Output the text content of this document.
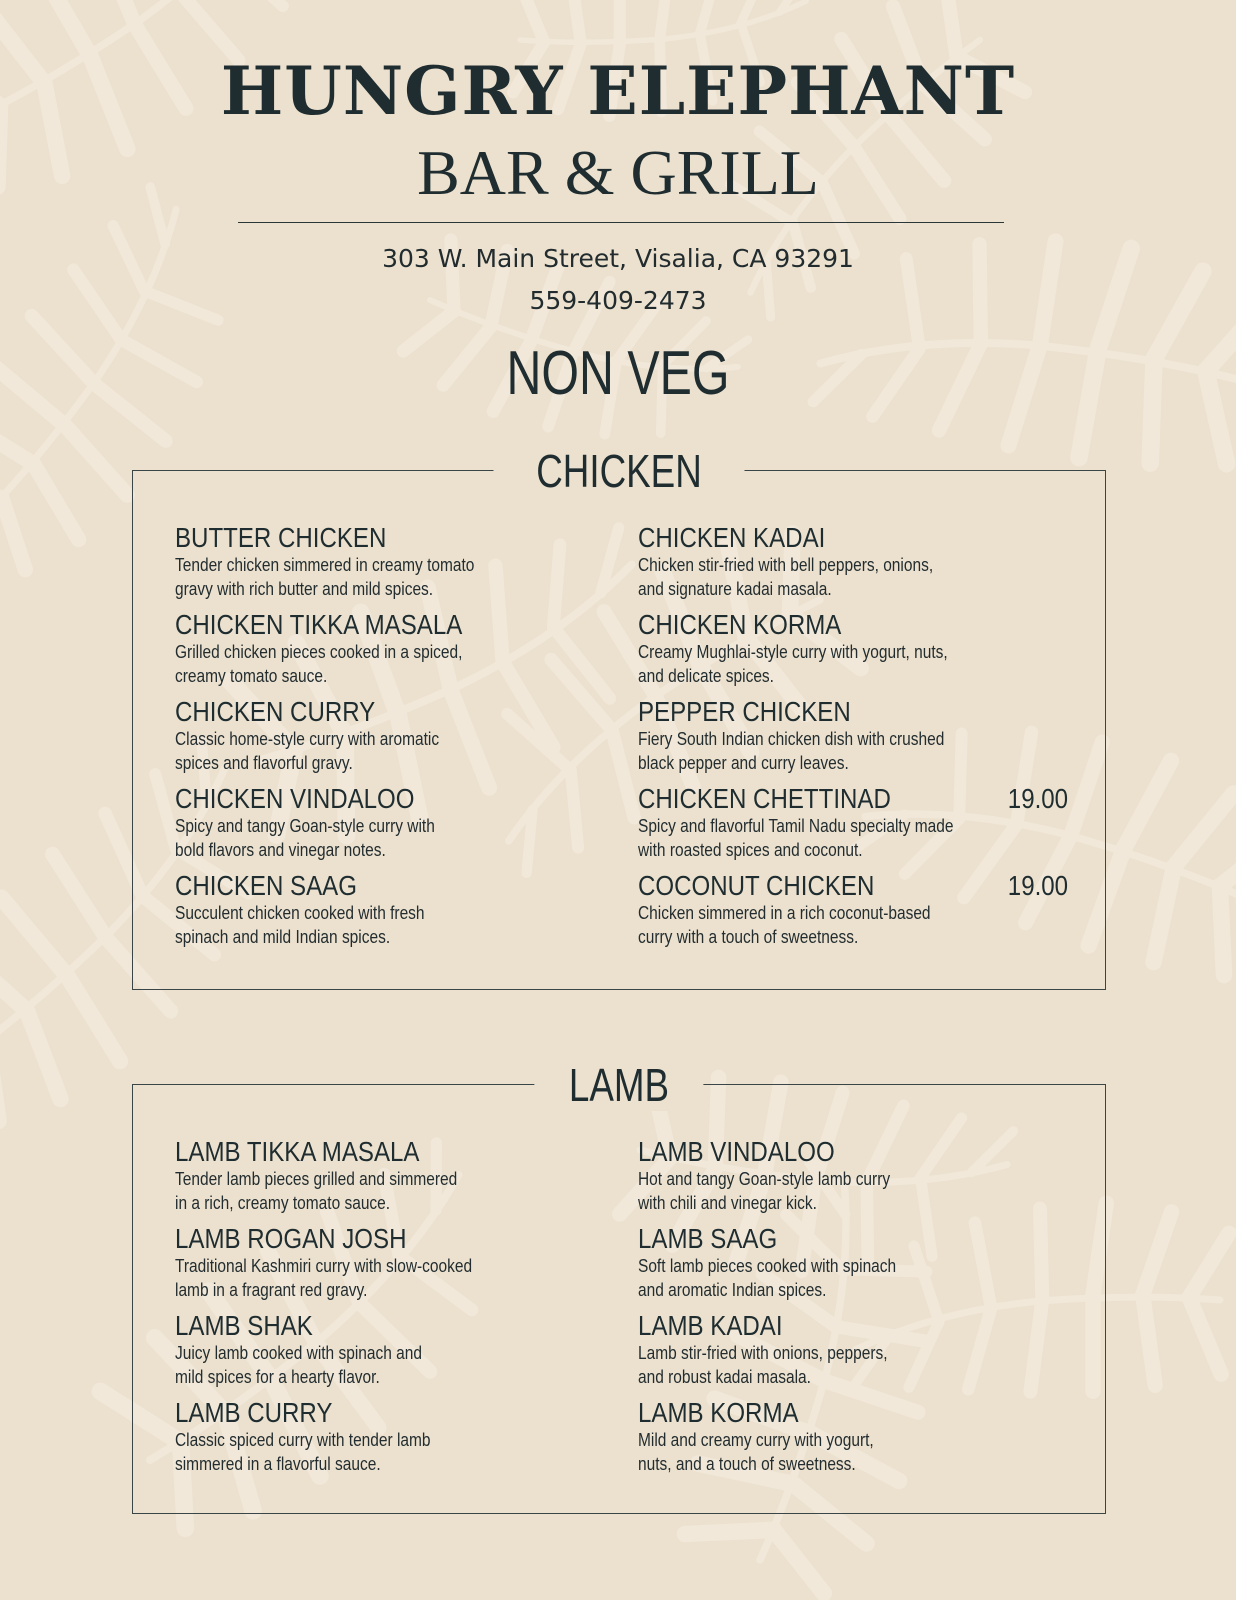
HUNGRY ELEPHANT
BAR & GRILL
303 W. Main Street, Visalia, CA 93291
559-409-2473
NON VEG
CHICKEN
BUTTER CHICKEN
Tender chicken simmered in creamy tomato
gravy with rich butter and mild spices.
CHICKEN TIKKA MASALA
Grilled chicken pieces cooked in a spiced,
creamy tomato sauce.
CHICKEN CURRY
Classic home-style curry with aromatic
spices and flavorful gravy.
CHICKEN VINDALOO
Spicy and tangy Goan-style curry with
bold flavors and vinegar notes.
CHICKEN SAAG
Succulent chicken cooked with fresh
spinach and mild Indian spices.
CHICKEN KADAI
Chicken stir-fried with bell peppers, onions,
and signature kadai masala.
CHICKEN KORMA
Creamy Mughlai-style curry with yogurt, nuts,
and delicate spices.
PEPPER CHICKEN
Fiery South Indian chicken dish with crushed
black pepper and curry leaves.
CHICKEN CHETTINAD	19.00
Spicy and flavorful Tamil Nadu specialty made
with roasted spices and coconut.
COCONUT CHICKEN	19.00
Chicken simmered in a rich coconut-based
curry with a touch of sweetness.
LAMB
LAMB TIKKA MASALA
Tender lamb pieces grilled and simmered
in a rich, creamy tomato sauce.
LAMB ROGAN JOSH
Traditional Kashmiri curry with slow-cooked
lamb in a fragrant red gravy.
LAMB SHAK
Juicy lamb cooked with spinach and
mild spices for a hearty flavor.
LAMB CURRY
Classic spiced curry with tender lamb
simmered in a flavorful sauce.
LAMB VINDALOO
Hot and tangy Goan-style lamb curry
with chili and vinegar kick.
LAMB SAAG
Soft lamb pieces cooked with spinach
and aromatic Indian spices.
LAMB KADAI
Lamb stir-fried with onions, peppers,
and robust kadai masala.
LAMB KORMA
Mild and creamy curry with yogurt,
nuts, and a touch of sweetness.
